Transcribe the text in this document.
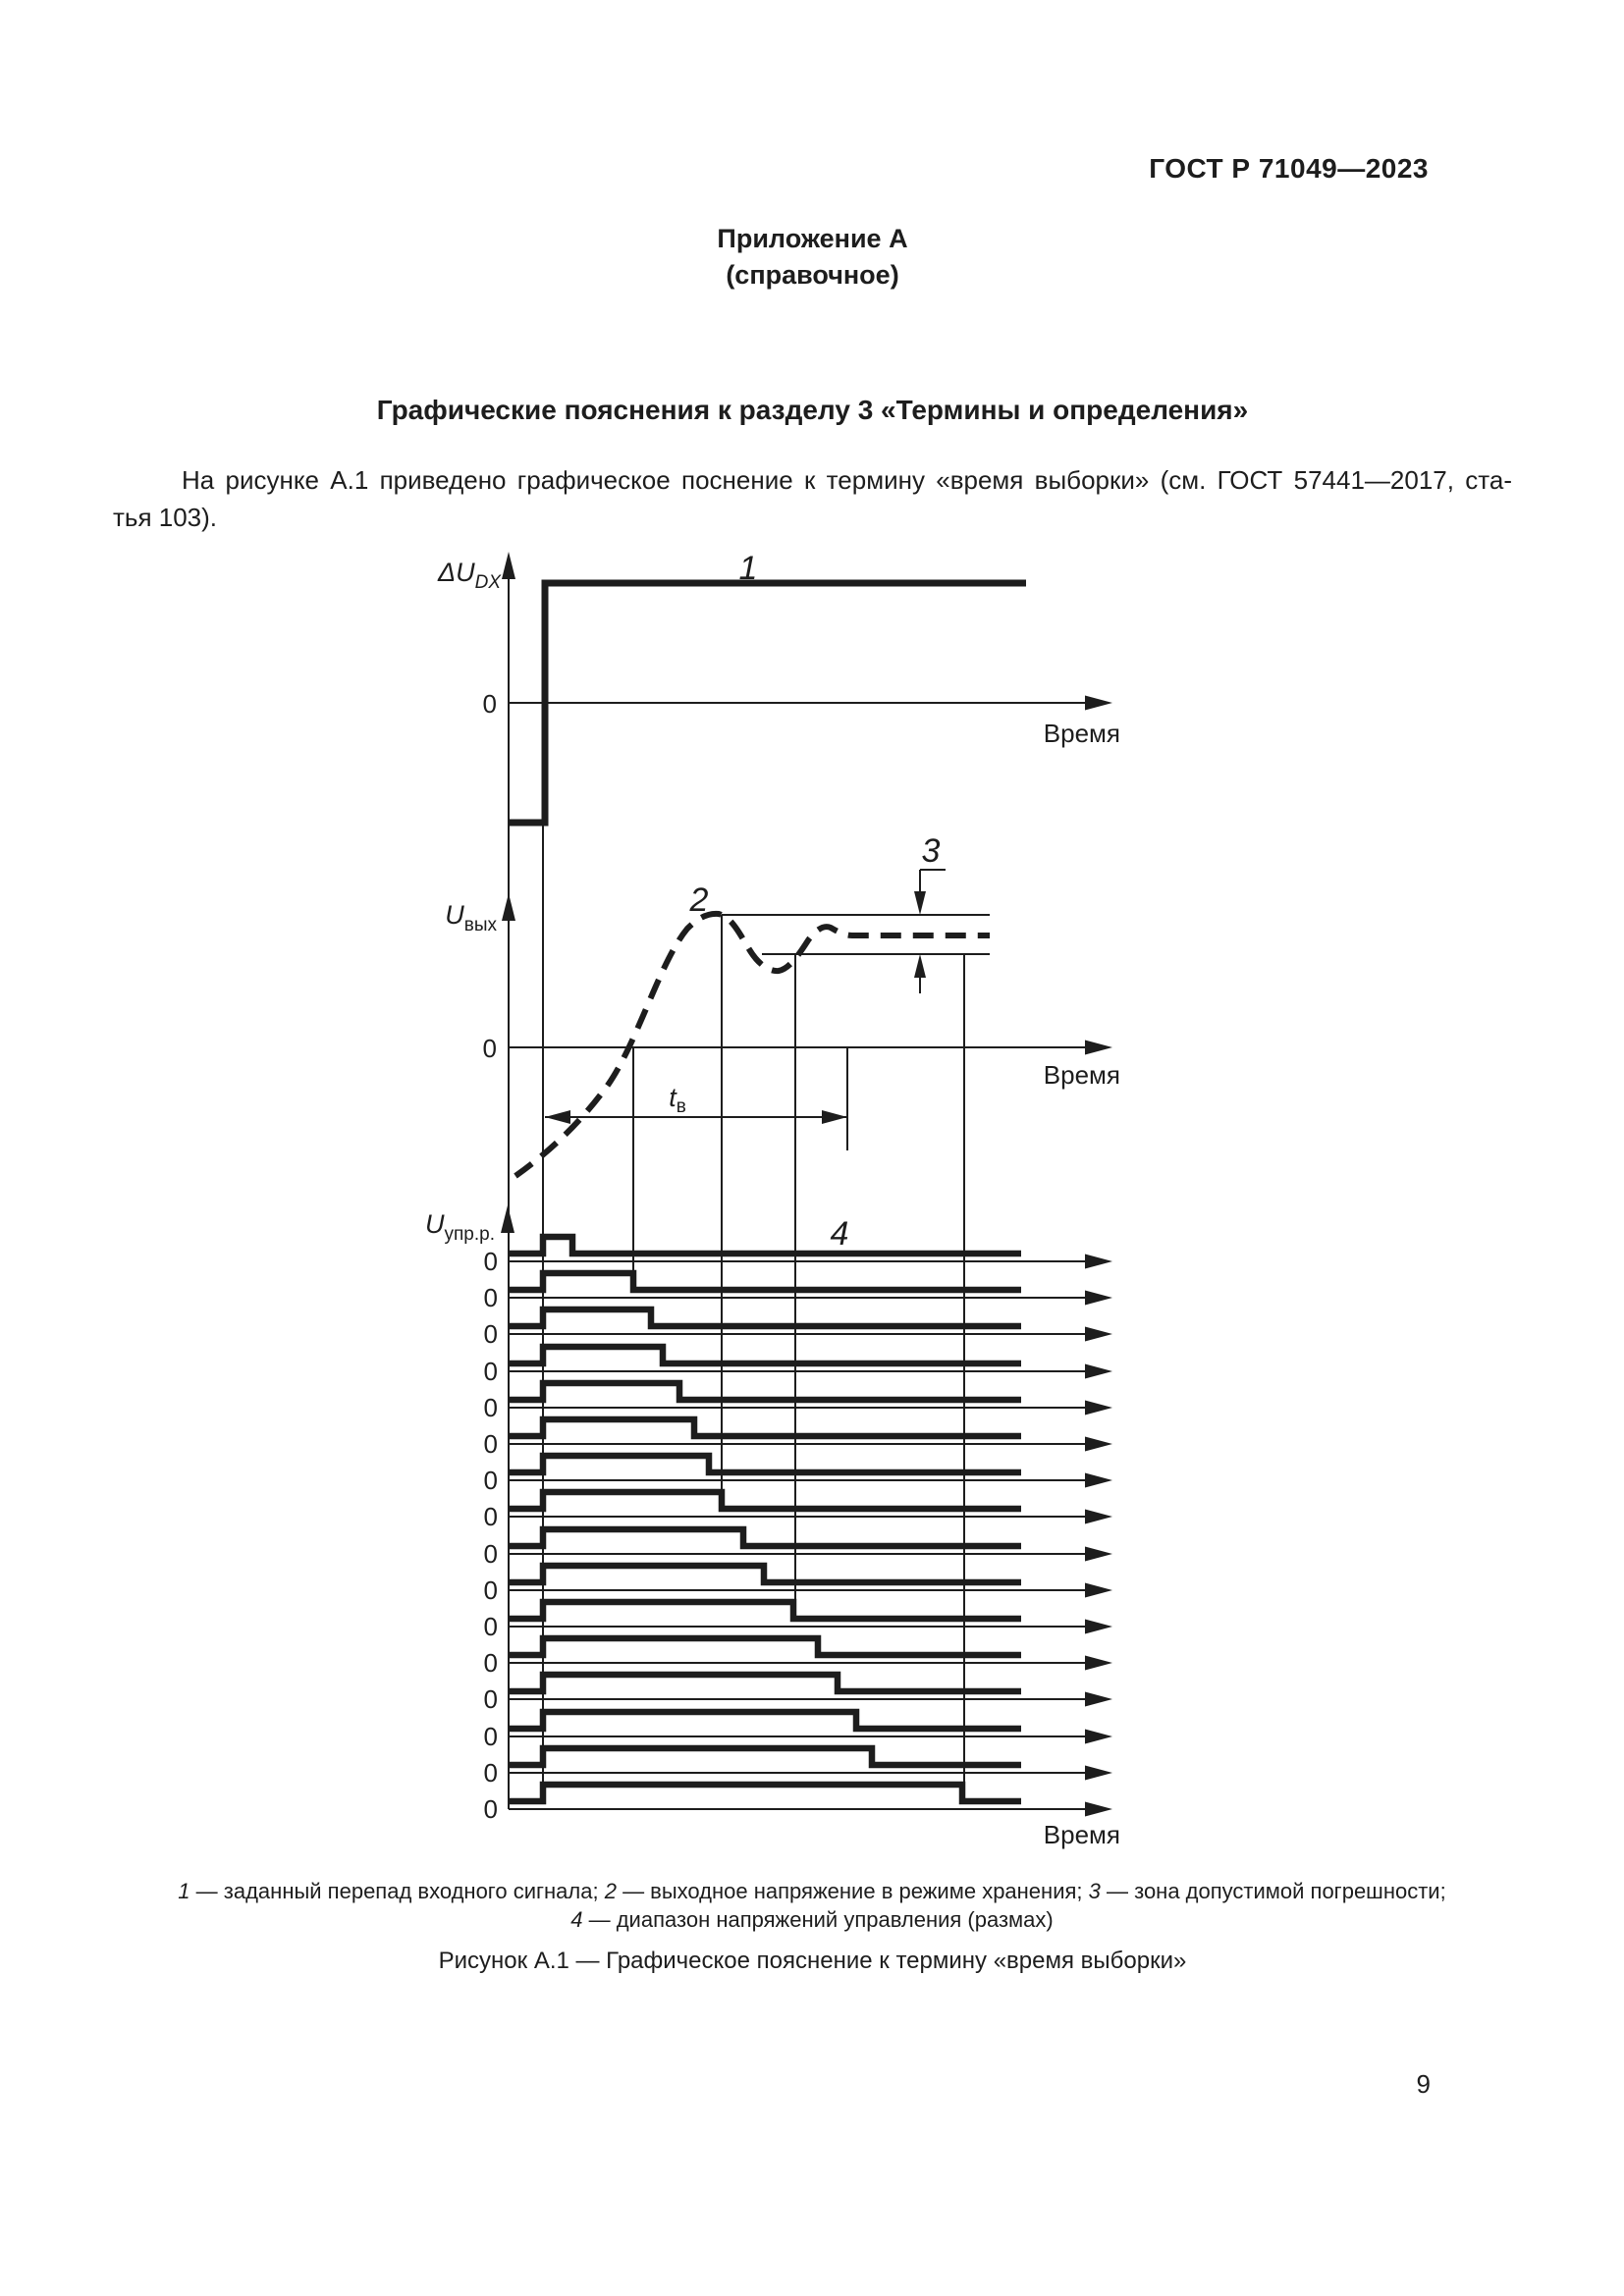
ГОСТ Р 71049—2023
Приложение А
(справочное)
Графические пояснения к разделу 3 «Термины и определения»
На рисунке А.1 приведено графическое поснение к термину «время выборки» (см. ГОСТ 57441—2017, ста-
тья 103).
$\Delta U_{DX}$
0
Время
1
$U_{вых}$
0
Время
2
3
$t_в$
$U_{упр.р.}$	4
0
0
0
0
0
0
0
0
0
0
0
0
0
0
0
0
Время
1 — заданный перепад входного сигнала; 2 — выходное напряжение в режиме хранения; 3 — зона допустимой погрешности;
4 — диапазон напряжений управления (размах)
Рисунок А.1 — Графическое пояснение к термину «время выборки»
9
